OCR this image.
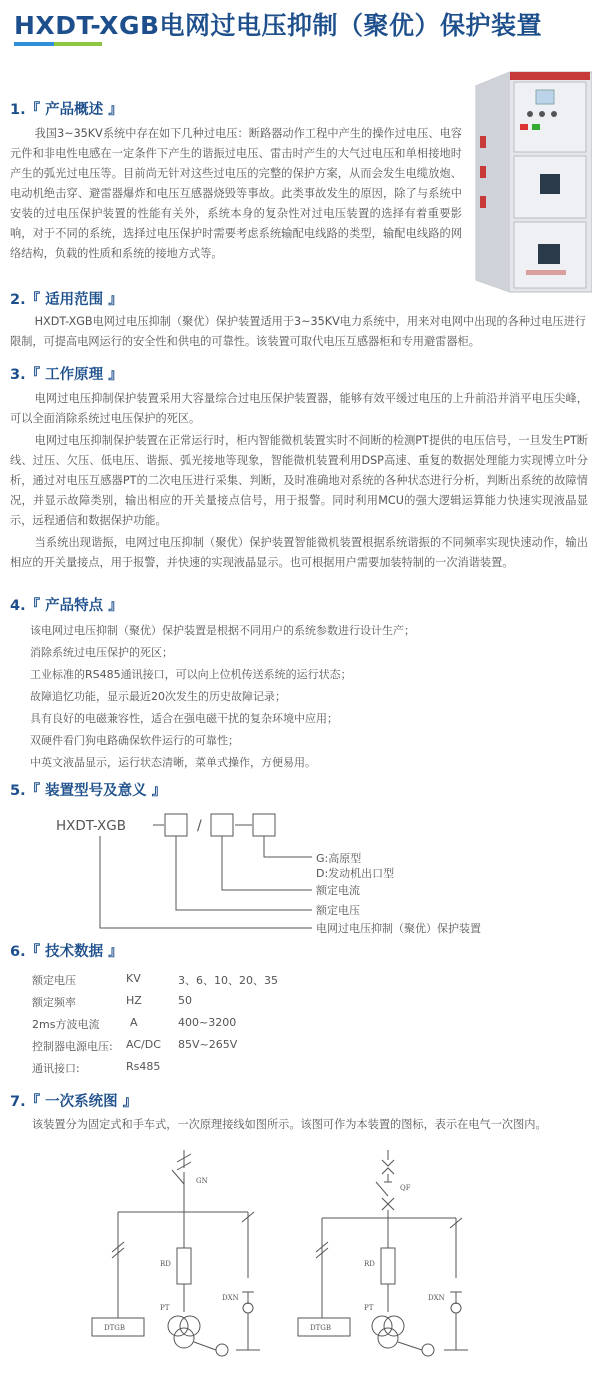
HXDT-XGB电网过电压抑制（聚优）保护装置
1.『 产品概述 』
我国3~35KV系统中存在如下几种过电压：断路器动作工程中产生的操作过电压、电容元件和非电性电感在一定条件下产生的谐振过电压、雷击时产生的大气过电压和单相接地时产生的弧光过电压等。目前尚无针对这些过电压的完整的保护方案，从而会发生电缆放炮、电动机绝击穿、避雷器爆炸和电压互感器烧毁等事故。此类事故发生的原因，除了与系统中安装的过电压保护装置的性能有关外，系统本身的复杂性对过电压装置的选择有着重要影响，对于不同的系统，选择过电压保护时需要考虑系统输配电线路的类型，输配电线路的网络结构，负载的性质和系统的接地方式等。
2.『 适用范围 』
HXDT-XGB电网过电压抑制（聚优）保护装置适用于3~35KV电力系统中，用来对电网中出现的各种过电压进行限制，可提高电网运行的安全性和供电的可靠性。该装置可取代电压互感器柜和专用避雷器柜。
3.『 工作原理 』
电网过电压抑制保护装置采用大容量综合过电压保护装置器，能够有效平缓过电压的上升前沿并消平电压尖峰，可以全面消除系统过电压保护的死区。
电网过电压抑制保护装置在正常运行时，柜内智能微机装置实时不间断的检测PT提供的电压信号，一旦发生PT断线、过压、欠压、低电压、谐振、弧光接地等现象，智能微机装置利用DSP高速、重复的数据处理能力实现博立叶分析，通过对电压互感器PT的二次电压进行采集、判断，及时准确地对系统的各种状态进行分析，判断出系统的故障情况，并显示故障类别，输出相应的开关量接点信号，用于报警。同时利用MCU的强大逻辑运算能力快速实现液晶显示，远程通信和数据保护功能。
当系统出现谐振，电网过电压抑制（聚优）保护装置智能微机装置根据系统谐振的不同频率实现快速动作，输出相应的开关量接点，用于报警，并快速的实现液晶显示。也可根据用户需要加装特制的一次消谐装置。
4.『 产品特点 』
该电网过电压抑制（聚优）保护装置是根据不同用户的系统参数进行设计生产；
消除系统过电压保护的死区；
工业标准的RS485通讯接口，可以向上位机传送系统的运行状态；
故障追忆功能，显示最近20次发生的历史故障记录；
具有良好的电磁兼容性，适合在强电磁干扰的复杂环境中应用；
双硬件看门狗电路确保软件运行的可靠性；
中英文液晶显示，运行状态清晰，菜单式操作，方便易用。
5.『 装置型号及意义 』
HXDT-XGB	/
G:高原型
D:发动机出口型
额定电流
额定电压
电网过电压抑制（聚优）保护装置
6.『 技术数据 』
额定电压	KV	3、6、10、20、35
额定频率	HZ	50
2ms方波电流	A	400~3200
控制器电源电压: AC/DC 85V~265V
通讯接口:	Rs485
7.『 一次系统图 』
该装置分为固定式和手车式，一次原理接线如图所示。该图可作为本装置的图标，表示在电气一次图内。
GN
RD
PT
DXN
DTGB
QF
RD
PT
DXN
DTGB
